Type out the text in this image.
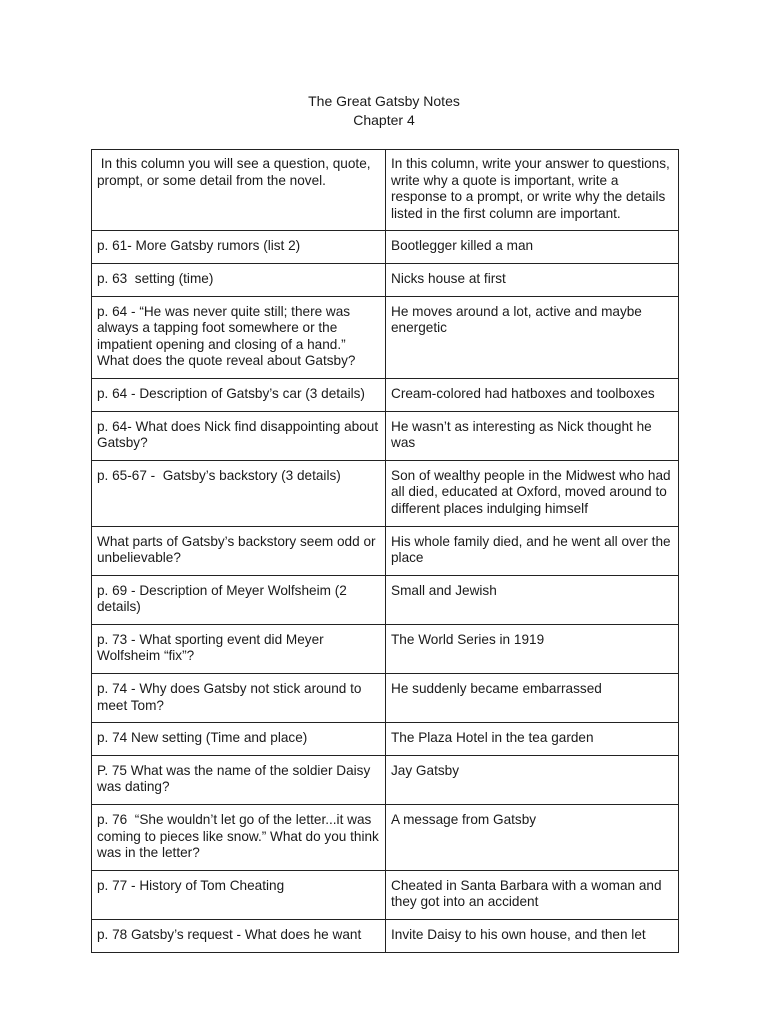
The Great Gatsby Notes
Chapter 4
In this column you will see a question, quote, prompt, or some detail from the novel.	In this column, write your answer to questions, write why a quote is important, write a response to a prompt, or write why the details listed in the first column are important.

p. 61- More Gatsby rumors (list 2)	Bootlegger killed a man
p. 63  setting (time)	Nicks house at first
p. 64 - “He was never quite still; there was always a tapping foot somewhere or the impatient opening and closing of a hand.” What does the quote reveal about Gatsby?	He moves around a lot, active and maybe energetic
p. 64 - Description of Gatsby’s car (3 details)	Cream-colored had hatboxes and toolboxes
p. 64- What does Nick find disappointing about Gatsby?	He wasn’t as interesting as Nick thought he was
p. 65-67 -  Gatsby’s backstory (3 details)	Son of wealthy people in the Midwest who had all died, educated at Oxford, moved around to different places indulging himself
What parts of Gatsby’s backstory seem odd or unbelievable?	His whole family died, and he went all over the place
p. 69 - Description of Meyer Wolfsheim (2 details)	Small and Jewish
p. 73 - What sporting event did Meyer Wolfsheim “fix”?	The World Series in 1919
p. 74 - Why does Gatsby not stick around to meet Tom?	He suddenly became embarrassed
p. 74 New setting (Time and place)	The Plaza Hotel in the tea garden
P. 75 What was the name of the soldier Daisy was dating?	Jay Gatsby
p. 76  “She wouldn’t let go of the letter...it was coming to pieces like snow.” What do you think was in the letter?	A message from Gatsby
p. 77 - History of Tom Cheating	Cheated in Santa Barbara with a woman and they got into an accident
p. 78 Gatsby’s request - What does he want	Invite Daisy to his own house, and then let
